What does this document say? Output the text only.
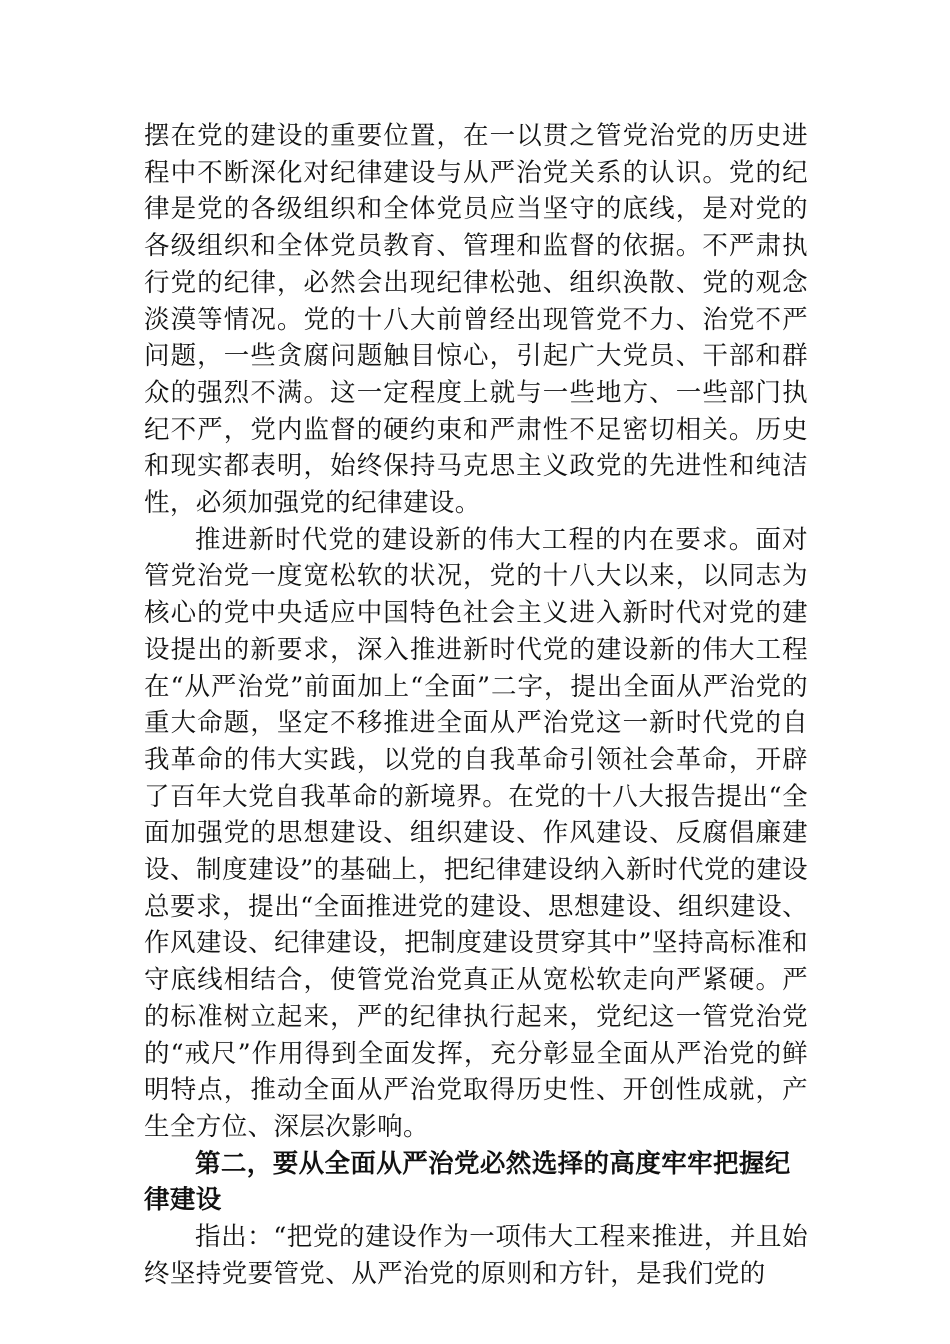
摆在党的建设的重要位置，在一以贯之管党治党的历史进程中不断深化对纪律建设与从严治党关系的认识。党的纪律是党的各级组织和全体党员应当坚守的底线，是对党的各级组织和全体党员教育、管理和监督的依据。不严肃执行党的纪律，必然会出现纪律松弛、组织涣散、党的观念淡漠等情况。党的十八大前曾经出现管党不力、治党不严问题，一些贪腐问题触目惊心，引起广大党员、干部和群众的强烈不满。这一定程度上就与一些地方、一些部门执纪不严，党内监督的硬约束和严肃性不足密切相关。历史和现实都表明，始终保持马克思主义政党的先进性和纯洁性，必须加强党的纪律建设。

推进新时代党的建设新的伟大工程的内在要求。面对管党治党一度宽松软的状况，党的十八大以来，以同志为核心的党中央适应中国特色社会主义进入新时代对党的建设提出的新要求，深入推进新时代党的建设新的伟大工程在“从严治党”前面加上“全面”二字，提出全面从严治党的重大命题，坚定不移推进全面从严治党这一新时代党的自我革命的伟大实践，以党的自我革命引领社会革命，开辟了百年大党自我革命的新境界。在党的十八大报告提出“全面加强党的思想建设、组织建设、作风建设、反腐倡廉建设、制度建设”的基础上，把纪律建设纳入新时代党的建设总要求，提出“全面推进党的建设、思想建设、组织建设、作风建设、纪律建设，把制度建设贯穿其中”坚持高标准和守底线相结合，使管党治党真正从宽松软走向严紧硬。严的标准树立起来，严的纪律执行起来，党纪这一管党治党的“戒尺”作用得到全面发挥，充分彰显全面从严治党的鲜明特点，推动全面从严治党取得历史性、开创性成就，产生全方位、深层次影响。

第二，要从全面从严治党必然选择的高度牢牢把握纪律建设

指出：“把党的建设作为一项伟大工程来推进，并且始终坚持党要管党、从严治党的原则和方针，是我们党的
